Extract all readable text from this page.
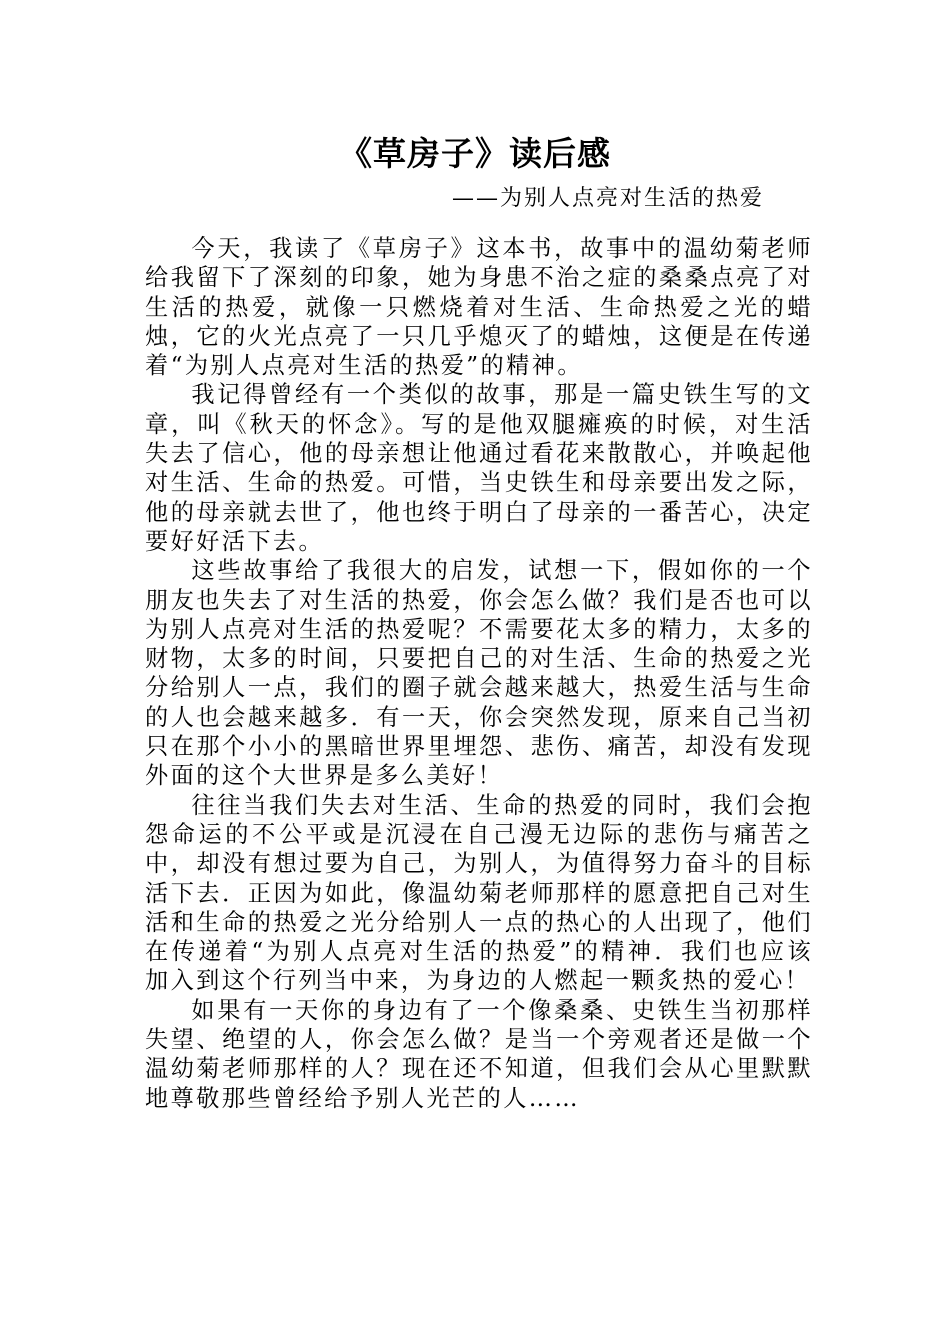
《草房子》读后感
——为别人点亮对生活的热爱

今天，我读了《草房子》这本书，故事中的温幼菊老师给我留下了深刻的印象，她为身患不治之症的桑桑点亮了对生活的热爱，就像一只燃烧着对生活、生命热爱之光的蜡烛，它的火光点亮了一只几乎熄灭了的蜡烛，这便是在传递着“为别人点亮对生活的热爱”的精神。

我记得曾经有一个类似的故事，那是一篇史铁生写的文章，叫《秋天的怀念》。写的是他双腿瘫痪的时候，对生活失去了信心，他的母亲想让他通过看花来散散心，并唤起他对生活、生命的热爱。可惜，当史铁生和母亲要出发之际，他的母亲就去世了，他也终于明白了母亲的一番苦心，决定要好好活下去。

这些故事给了我很大的启发，试想一下，假如你的一个朋友也失去了对生活的热爱，你会怎么做？我们是否也可以为别人点亮对生活的热爱呢？不需要花太多的精力，太多的财物，太多的时间，只要把自己的对生活、生命的热爱之光分给别人一点，我们的圈子就会越来越大，热爱生活与生命的人也会越来越多．有一天，你会突然发现，原来自己当初只在那个小小的黑暗世界里埋怨、悲伤、痛苦，却没有发现外面的这个大世界是多么美好！

往往当我们失去对生活、生命的热爱的同时，我们会抱怨命运的不公平或是沉浸在自己漫无边际的悲伤与痛苦之中，却没有想过要为自己，为别人，为值得努力奋斗的目标活下去．正因为如此，像温幼菊老师那样的愿意把自己对生活和生命的热爱之光分给别人一点的热心的人出现了，他们在传递着“为别人点亮对生活的热爱”的精神．我们也应该加入到这个行列当中来，为身边的人燃起一颗炙热的爱心！

如果有一天你的身边有了一个像桑桑、史铁生当初那样失望、绝望的人，你会怎么做？是当一个旁观者还是做一个温幼菊老师那样的人？现在还不知道，但我们会从心里默默地尊敬那些曾经给予别人光芒的人……
